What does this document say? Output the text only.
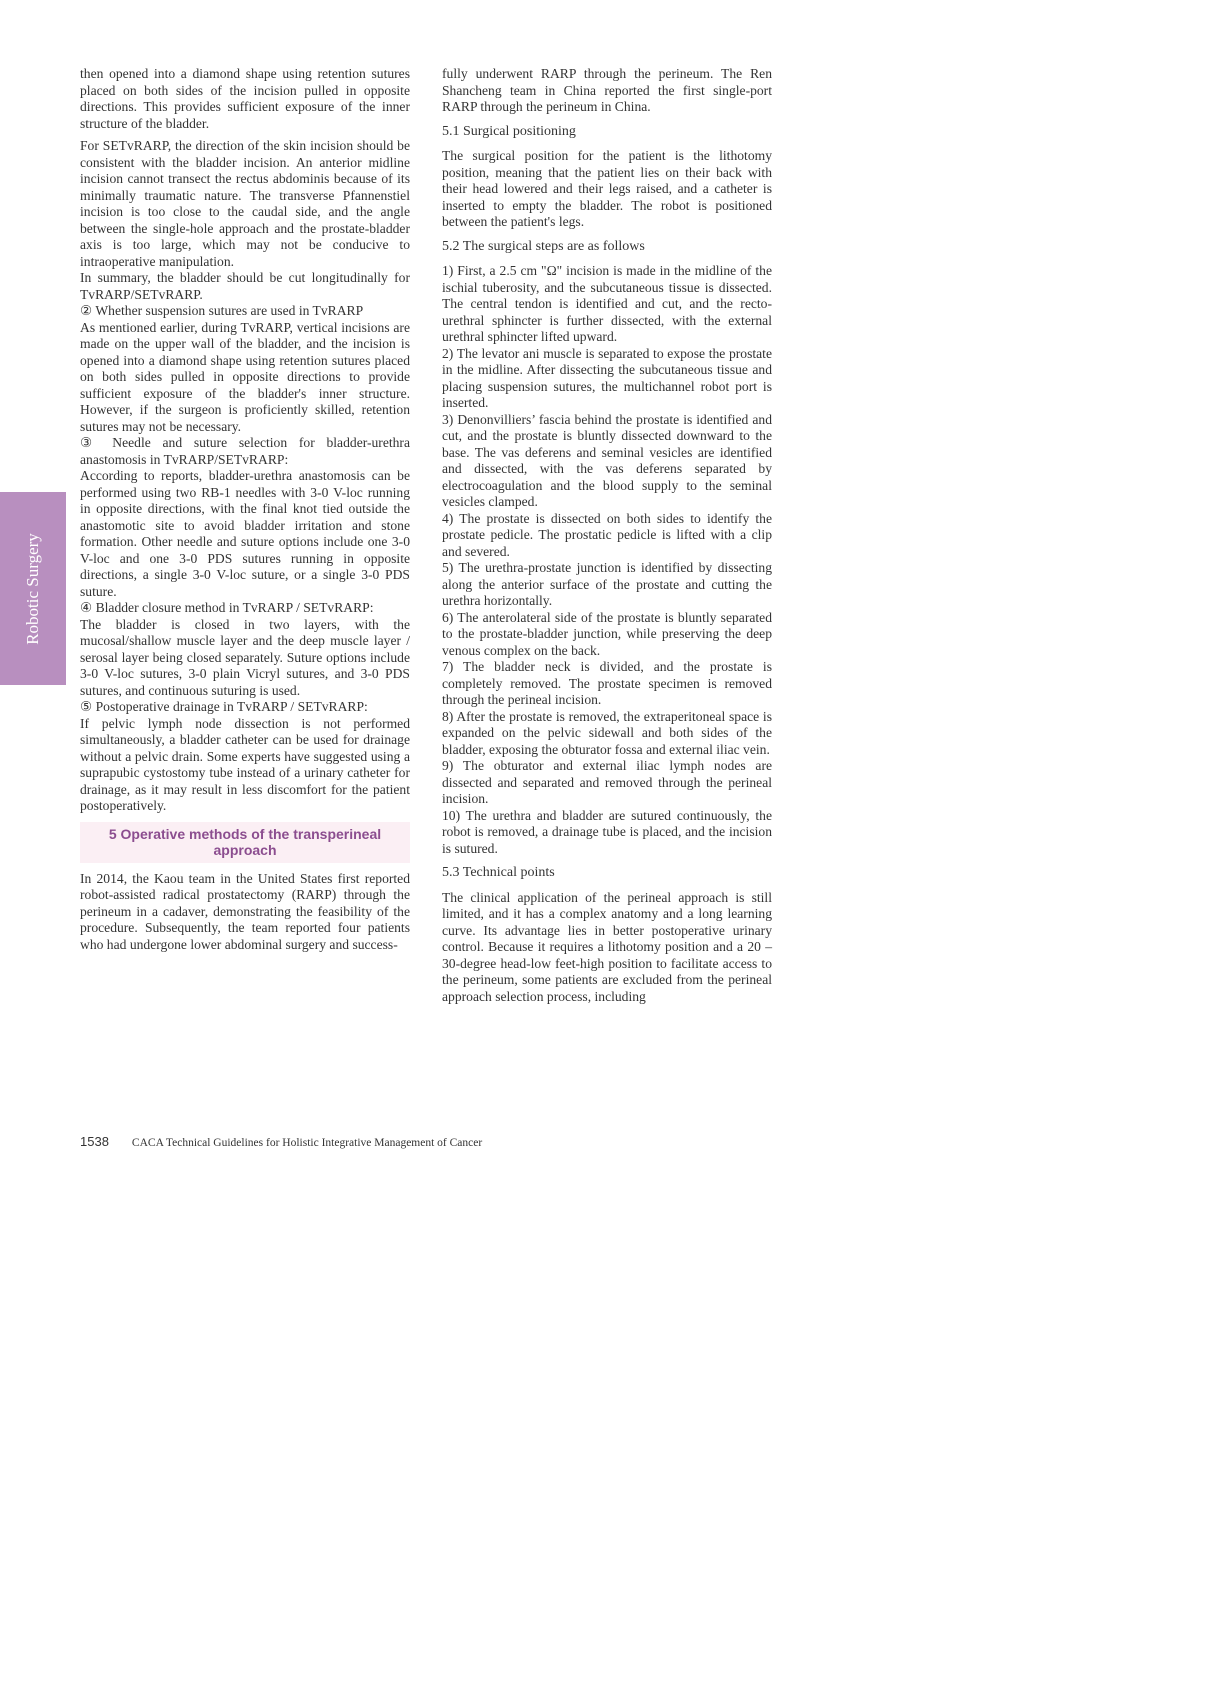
Robotic Surgery

then opened into a diamond shape using retention sutures placed on both sides of the incision pulled in opposite directions. This provides sufficient exposure of the inner structure of the bladder.

For SETvRARP, the direction of the skin incision should be consistent with the bladder incision. An anterior midline incision cannot transect the rectus abdominis because of its minimally traumatic nature. The transverse Pfannenstiel incision is too close to the caudal side, and the angle between the single-hole approach and the prostate-bladder axis is too large, which may not be conducive to intraoperative manipulation.

In summary, the bladder should be cut longitudinally for TvRARP/SETvRARP.

② Whether suspension sutures are used in TvRARP

As mentioned earlier, during TvRARP, vertical incisions are made on the upper wall of the bladder, and the incision is opened into a diamond shape using retention sutures placed on both sides pulled in opposite directions to provide sufficient exposure of the bladder's inner structure. However, if the surgeon is proficiently skilled, retention sutures may not be necessary.

③ Needle and suture selection for bladder-urethra anastomosis in TvRARP/SETvRARP:

According to reports, bladder-urethra anastomosis can be performed using two RB-1 needles with 3-0 V-loc running in opposite directions, with the final knot tied outside the anastomotic site to avoid bladder irritation and stone formation. Other needle and suture options include one 3-0 V-loc and one 3-0 PDS sutures running in opposite directions, a single 3-0 V-loc suture, or a single 3-0 PDS suture.

④ Bladder closure method in TvRARP / SETvRARP:

The bladder is closed in two layers, with the mucosal/shallow muscle layer and the deep muscle layer / serosal layer being closed separately. Suture options include 3-0 V-loc sutures, 3-0 plain Vicryl sutures, and 3-0 PDS sutures, and continuous suturing is used.

⑤ Postoperative drainage in TvRARP / SETvRARP:

If pelvic lymph node dissection is not performed simultaneously, a bladder catheter can be used for drainage without a pelvic drain. Some experts have suggested using a suprapubic cystostomy tube instead of a urinary catheter for drainage, as it may result in less discomfort for the patient postoperatively.

5 Operative methods of the transperineal approach

In 2014, the Kaou team in the United States first reported robot-assisted radical prostatectomy (RARP) through the perineum in a cadaver, demonstrating the feasibility of the procedure. Subsequently, the team reported four patients who had undergone lower abdominal surgery and success-

fully underwent RARP through the perineum. The Ren Shancheng team in China reported the first single-port RARP through the perineum in China.

5.1 Surgical positioning

The surgical position for the patient is the lithotomy position, meaning that the patient lies on their back with their head lowered and their legs raised, and a catheter is inserted to empty the bladder. The robot is positioned between the patient's legs.

5.2 The surgical steps are as follows

1) First, a 2.5 cm "Ω" incision is made in the midline of the ischial tuberosity, and the subcutaneous tissue is dissected. The central tendon is identified and cut, and the recto-urethral sphincter is further dissected, with the external urethral sphincter lifted upward.

2) The levator ani muscle is separated to expose the prostate in the midline. After dissecting the subcutaneous tissue and placing suspension sutures, the multichannel robot port is inserted.

3) Denonvilliers’ fascia behind the prostate is identified and cut, and the prostate is bluntly dissected downward to the base. The vas deferens and seminal vesicles are identified and dissected, with the vas deferens separated by electrocoagulation and the blood supply to the seminal vesicles clamped.

4) The prostate is dissected on both sides to identify the prostate pedicle. The prostatic pedicle is lifted with a clip and severed.

5) The urethra-prostate junction is identified by dissecting along the anterior surface of the prostate and cutting the urethra horizontally.

6) The anterolateral side of the prostate is bluntly separated to the prostate-bladder junction, while preserving the deep venous complex on the back.

7) The bladder neck is divided, and the prostate is completely removed. The prostate specimen is removed through the perineal incision.

8) After the prostate is removed, the extraperitoneal space is expanded on the pelvic sidewall and both sides of the bladder, exposing the obturator fossa and external iliac vein.

9) The obturator and external iliac lymph nodes are dissected and separated and removed through the perineal incision.

10) The urethra and bladder are sutured continuously, the robot is removed, a drainage tube is placed, and the incision is sutured.

5.3 Technical points

The clinical application of the perineal approach is still limited, and it has a complex anatomy and a long learning curve. Its advantage lies in better postoperative urinary control. Because it requires a lithotomy position and a 20 – 30-degree head-low feet-high position to facilitate access to the perineum, some patients are excluded from the perineal approach selection process, including

1538 CACA Technical Guidelines for Holistic Integrative Management of Cancer
